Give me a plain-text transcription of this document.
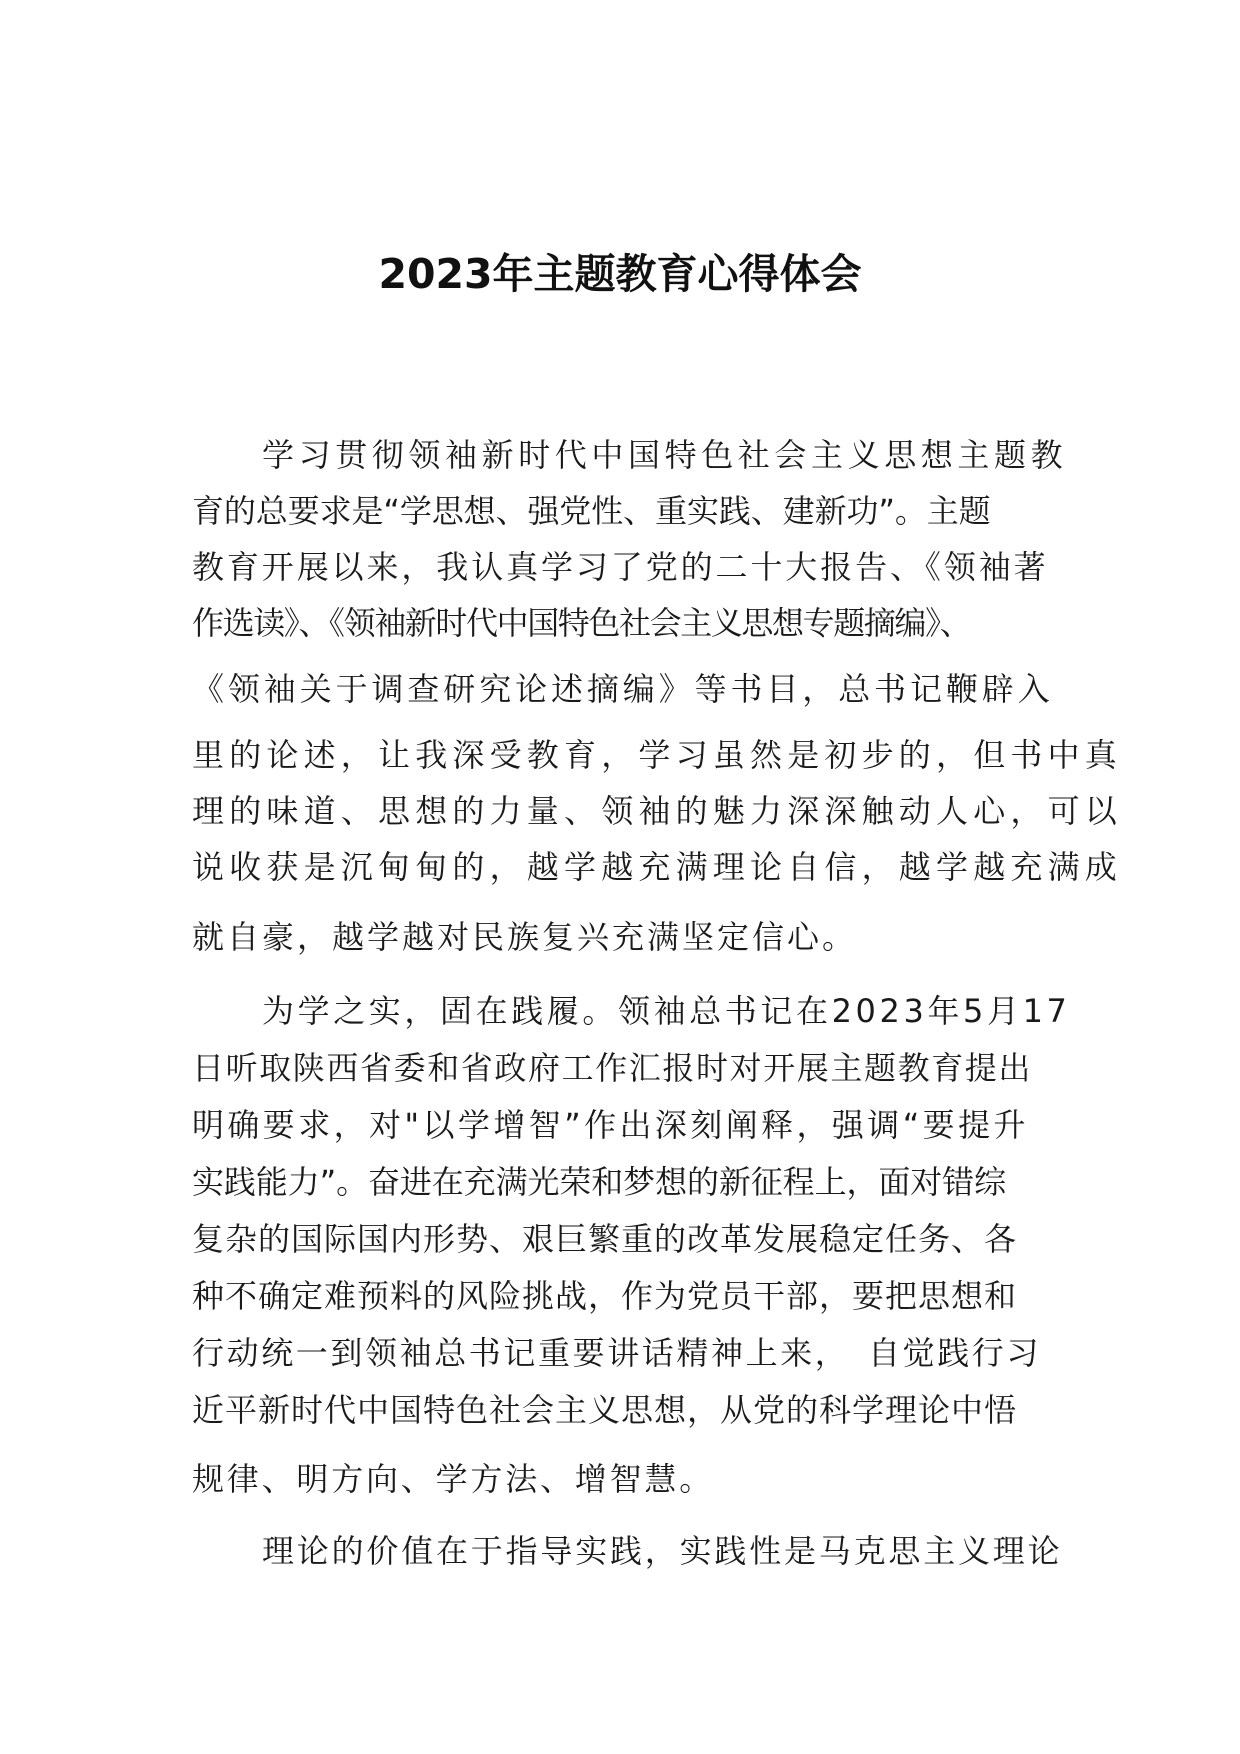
2023年主题教育心得体会

学习贯彻领袖新时代中国特色社会主义思想主题教

育的总要求是“学思想、强党性、重实践、建新功”。主题

教育开展以来，我认真学习了党的二十大报告、《领袖著

作选读》、《领袖新时代中国特色社会主义思想专题摘编》、

《领袖关于调查研究论述摘编》等书目，总书记鞭辟入

里的论述，让我深受教育，学习虽然是初步的，但书中真

理的味道、思想的力量、领袖的魅力深深触动人心，可以

说收获是沉甸甸的，越学越充满理论自信，越学越充满成

就自豪，越学越对民族复兴充满坚定信心。

为学之实，固在践履。领袖总书记在2023年5月17

日听取陕西省委和省政府工作汇报时对开展主题教育提出

明确要求，对"以学增智”作出深刻阐释，强调“要提升

实践能力”。奋进在充满光荣和梦想的新征程上，面对错综

复杂的国际国内形势、艰巨繁重的改革发展稳定任务、各

种不确定难预料的风险挑战，作为党员干部，要把思想和

行动统一到领袖总书记重要讲话精神上来，　自觉践行习

近平新时代中国特色社会主义思想，从党的科学理论中悟

规律、明方向、学方法、增智慧。

理论的价值在于指导实践，实践性是马克思主义理论
